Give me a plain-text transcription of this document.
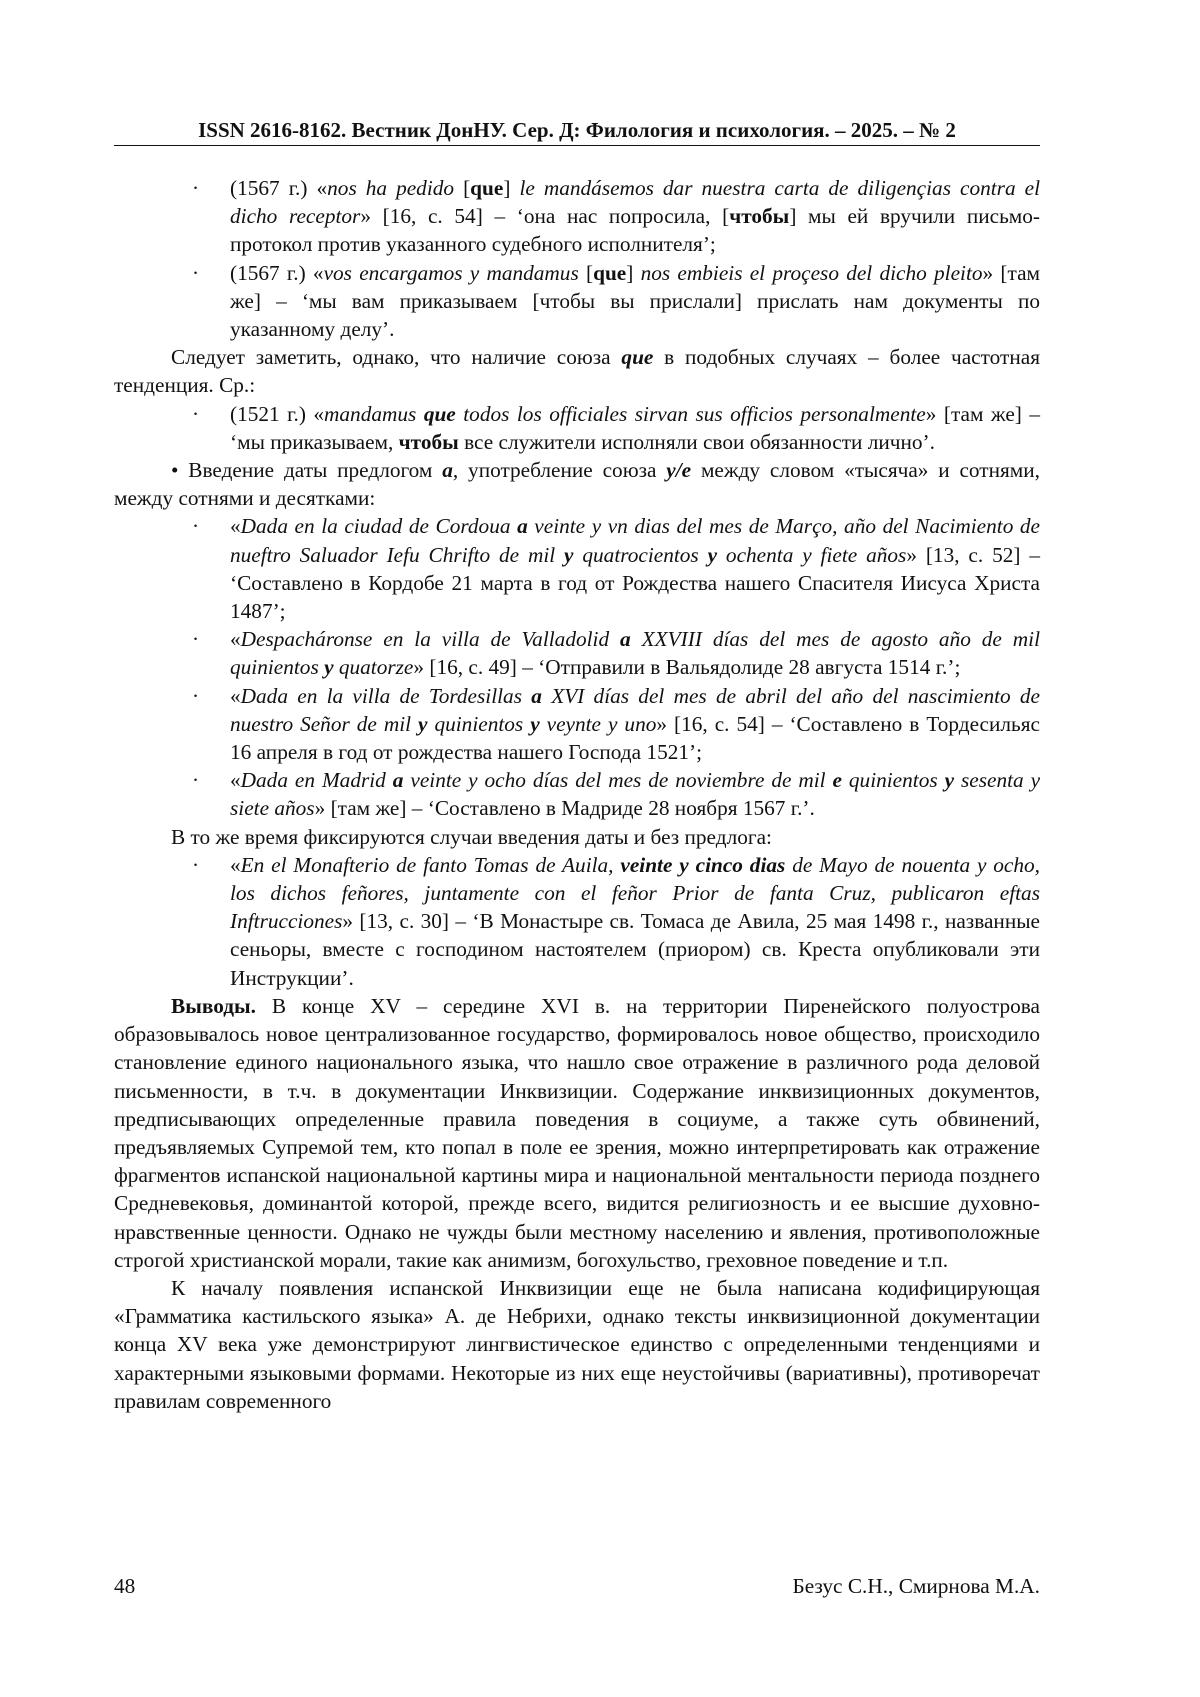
ISSN 2616-8162. Вестник ДонНУ. Сер. Д: Филология и психология. – 2025. – № 2
· (1567 г.) «nos ha pedido [que] le mandásemos dar nuestra carta de diligençias contra el dicho receptor» [16, с. 54] – ‘она нас попросила, [чтобы] мы ей вручили письмо-протокол против указанного судебного исполнителя’;
· (1567 г.) «vos encargamos y mandamus [que] nos embieis el proçeso del dicho pleito» [там же] – ‘мы вам приказываем [чтобы вы прислали] прислать нам документы по указанному делу’.

Следует заметить, однако, что наличие союза que в подобных случаях – более частотная тенденция. Ср.:

· (1521 г.) «mandamus que todos los officiales sirvan sus officios personalmente» [там же] – ‘мы приказываем, чтобы все служители исполняли свои обязанности лично’.

• Введение даты предлогом a, употребление союза y/e между словом «тысяча» и сотнями, между сотнями и десятками:

· «Dada en la ciudad de Cordoua a veinte y vn dias del mes de Março, año del Nacimiento de nueftro Saluador Iefu Chrifto de mil y quatrocientos y ochenta y fiete años» [13, с. 52] – ‘Составлено в Кордобе 21 марта в год от Рождества нашего Спасителя Иисуса Христа 1487’;
· «Despacháronse en la villa de Valladolid a XXVIII días del mes de agosto año de mil quinientos y quatorze» [16, с. 49] – ‘Отправили в Вальядолиде 28 августа 1514 г.’;
· «Dada en la villa de Tordesillas a XVI días del mes de abril del año del nascimiento de nuestro Señor de mil y quinientos y veynte y uno» [16, с. 54] – ‘Составлено в Тордесильяс 16 апреля в год от рождества нашего Господа 1521’;
· «Dada en Madrid a veinte y ocho días del mes de noviembre de mil e quinientos y sesenta y siete años» [там же] – ‘Составлено в Мадриде 28 ноября 1567 г.’.

В то же время фиксируются случаи введения даты и без предлога:

· «En el Monafterio de fanto Tomas de Auila, veinte y cinco dias de Mayo de nouenta y ocho, los dichos feñores, juntamente con el feñor Prior de fanta Cruz, publicaron eftas Inftrucciones» [13, с. 30] – ‘В Монастыре св. Томаса де Авила, 25 мая 1498 г., названные сеньоры, вместе с господином настоятелем (приором) св. Креста опубликовали эти Инструкции’.

Выводы. В конце XV – середине XVI в. на территории Пиренейского полуострова образовывалось новое централизованное государство, формировалось новое общество, происходило становление единого национального языка, что нашло свое отражение в различного рода деловой письменности, в т.ч. в документации Инквизиции. Содержание инквизиционных документов, предписывающих определенные правила поведения в социуме, а также суть обвинений, предъявляемых Супремой тем, кто попал в поле ее зрения, можно интерпретировать как отражение фрагментов испанской национальной картины мира и национальной ментальности периода позднего Средневековья, доминантой которой, прежде всего, видится религиозность и ее высшие духовно-нравственные ценности. Однако не чужды были местному населению и явления, противоположные строгой христианской морали, такие как анимизм, богохульство, греховное поведение и т.п.

К началу появления испанской Инквизиции еще не была написана кодифицирующая «Грамматика кастильского языка» А. де Небрихи, однако тексты инквизиционной документации конца XV века уже демонстрируют лингвистическое единство с определенными тенденциями и характерными языковыми формами. Некоторые из них еще неустойчивы (вариативны), противоречат правилам современного

48	Безус С.Н., Смирнова М.А.
